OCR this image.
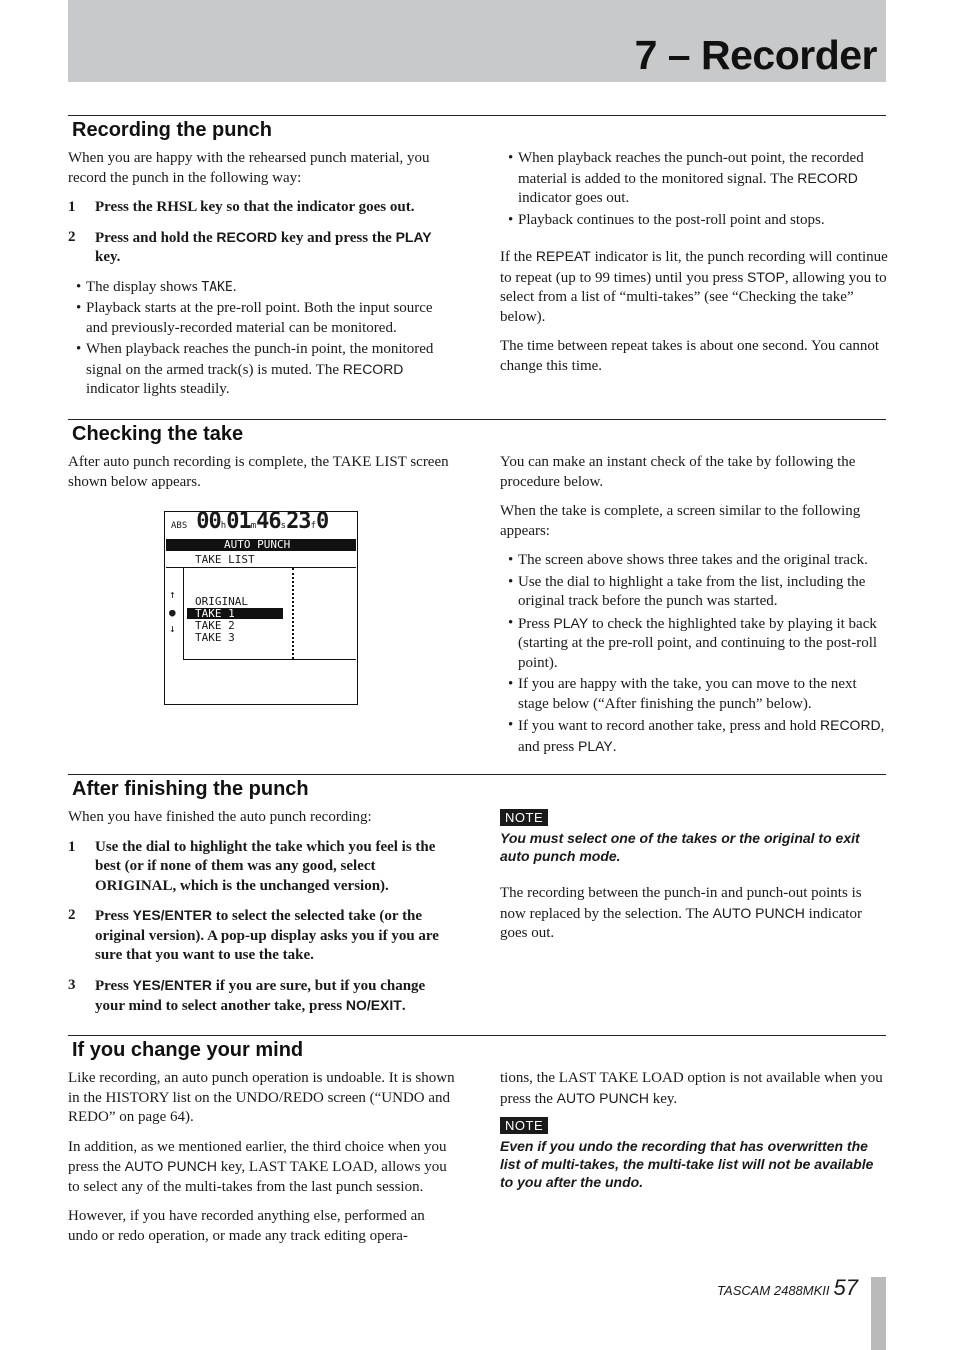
7 – Recorder
Recording the punch

When you are happy with the rehearsed punch material, you record the punch in the following way:

1	Press the RHSL key so that the indicator goes out.
2	Press and hold the RECORD key and press the PLAY key.
• The display shows TAKE.
• Playback starts at the pre-roll point. Both the input source and previously-recorded material can be monitored.
• When playback reaches the punch-in point, the monitored signal on the armed track(s) is muted. The RECORD indicator lights steadily.
• When playback reaches the punch-out point, the recorded material is added to the monitored signal. The RECORD indicator goes out.
• Playback continues to the post-roll point and stops.

If the REPEAT indicator is lit, the punch recording will continue to repeat (up to 99 times) until you press STOP, allowing you to select from a list of “multi-takes” (see “Checking the take” below).

The time between repeat takes is about one second. You cannot change this time.

Checking the take

After auto punch recording is complete, the TAKE LIST screen shown below appears.

ABS 00h01m46s23f0
AUTO PUNCH
TAKE LIST
↑
●
↓
ORIGINAL
TAKE 1
TAKE 2
TAKE 3

You can make an instant check of the take by following the procedure below.

When the take is complete, a screen similar to the following appears:

• The screen above shows three takes and the original track.
• Use the dial to highlight a take from the list, including the original track before the punch was started.
• Press PLAY to check the highlighted take by playing it back (starting at the pre-roll point, and continuing to the post-roll point).
• If you are happy with the take, you can move to the next stage below (“After finishing the punch” below).
• If you want to record another take, press and hold RECORD, and press PLAY.
After finishing the punch

When you have finished the auto punch recording:

1	Use the dial to highlight the take which you feel is the best (or if none of them was any good, select ORIGINAL, which is the unchanged version).
2	Press YES/ENTER to select the selected take (or the original version). A pop-up display asks you if you are sure that you want to use the take.
3	Press YES/ENTER if you are sure, but if you change your mind to select another take, press NO/EXIT.
NOTE

You must select one of the takes or the original to exit auto punch mode.

The recording between the punch-in and punch-out points is now replaced by the selection. The AUTO PUNCH indicator goes out.

If you change your mind

Like recording, an auto punch operation is undoable. It is shown in the HISTORY list on the UNDO/REDO screen (“UNDO and REDO” on page 64).

In addition, as we mentioned earlier, the third choice when you press the AUTO PUNCH key, LAST TAKE LOAD, allows you to select any of the multi-takes from the last punch session.

However, if you have recorded anything else, performed an undo or redo operation, or made any track editing opera-

tions, the LAST TAKE LOAD option is not available when you press the AUTO PUNCH key.

NOTE

Even if you undo the recording that has overwritten the list of multi-takes, the multi-take list will not be available to you after the undo.

TASCAM 2488MKII 57
